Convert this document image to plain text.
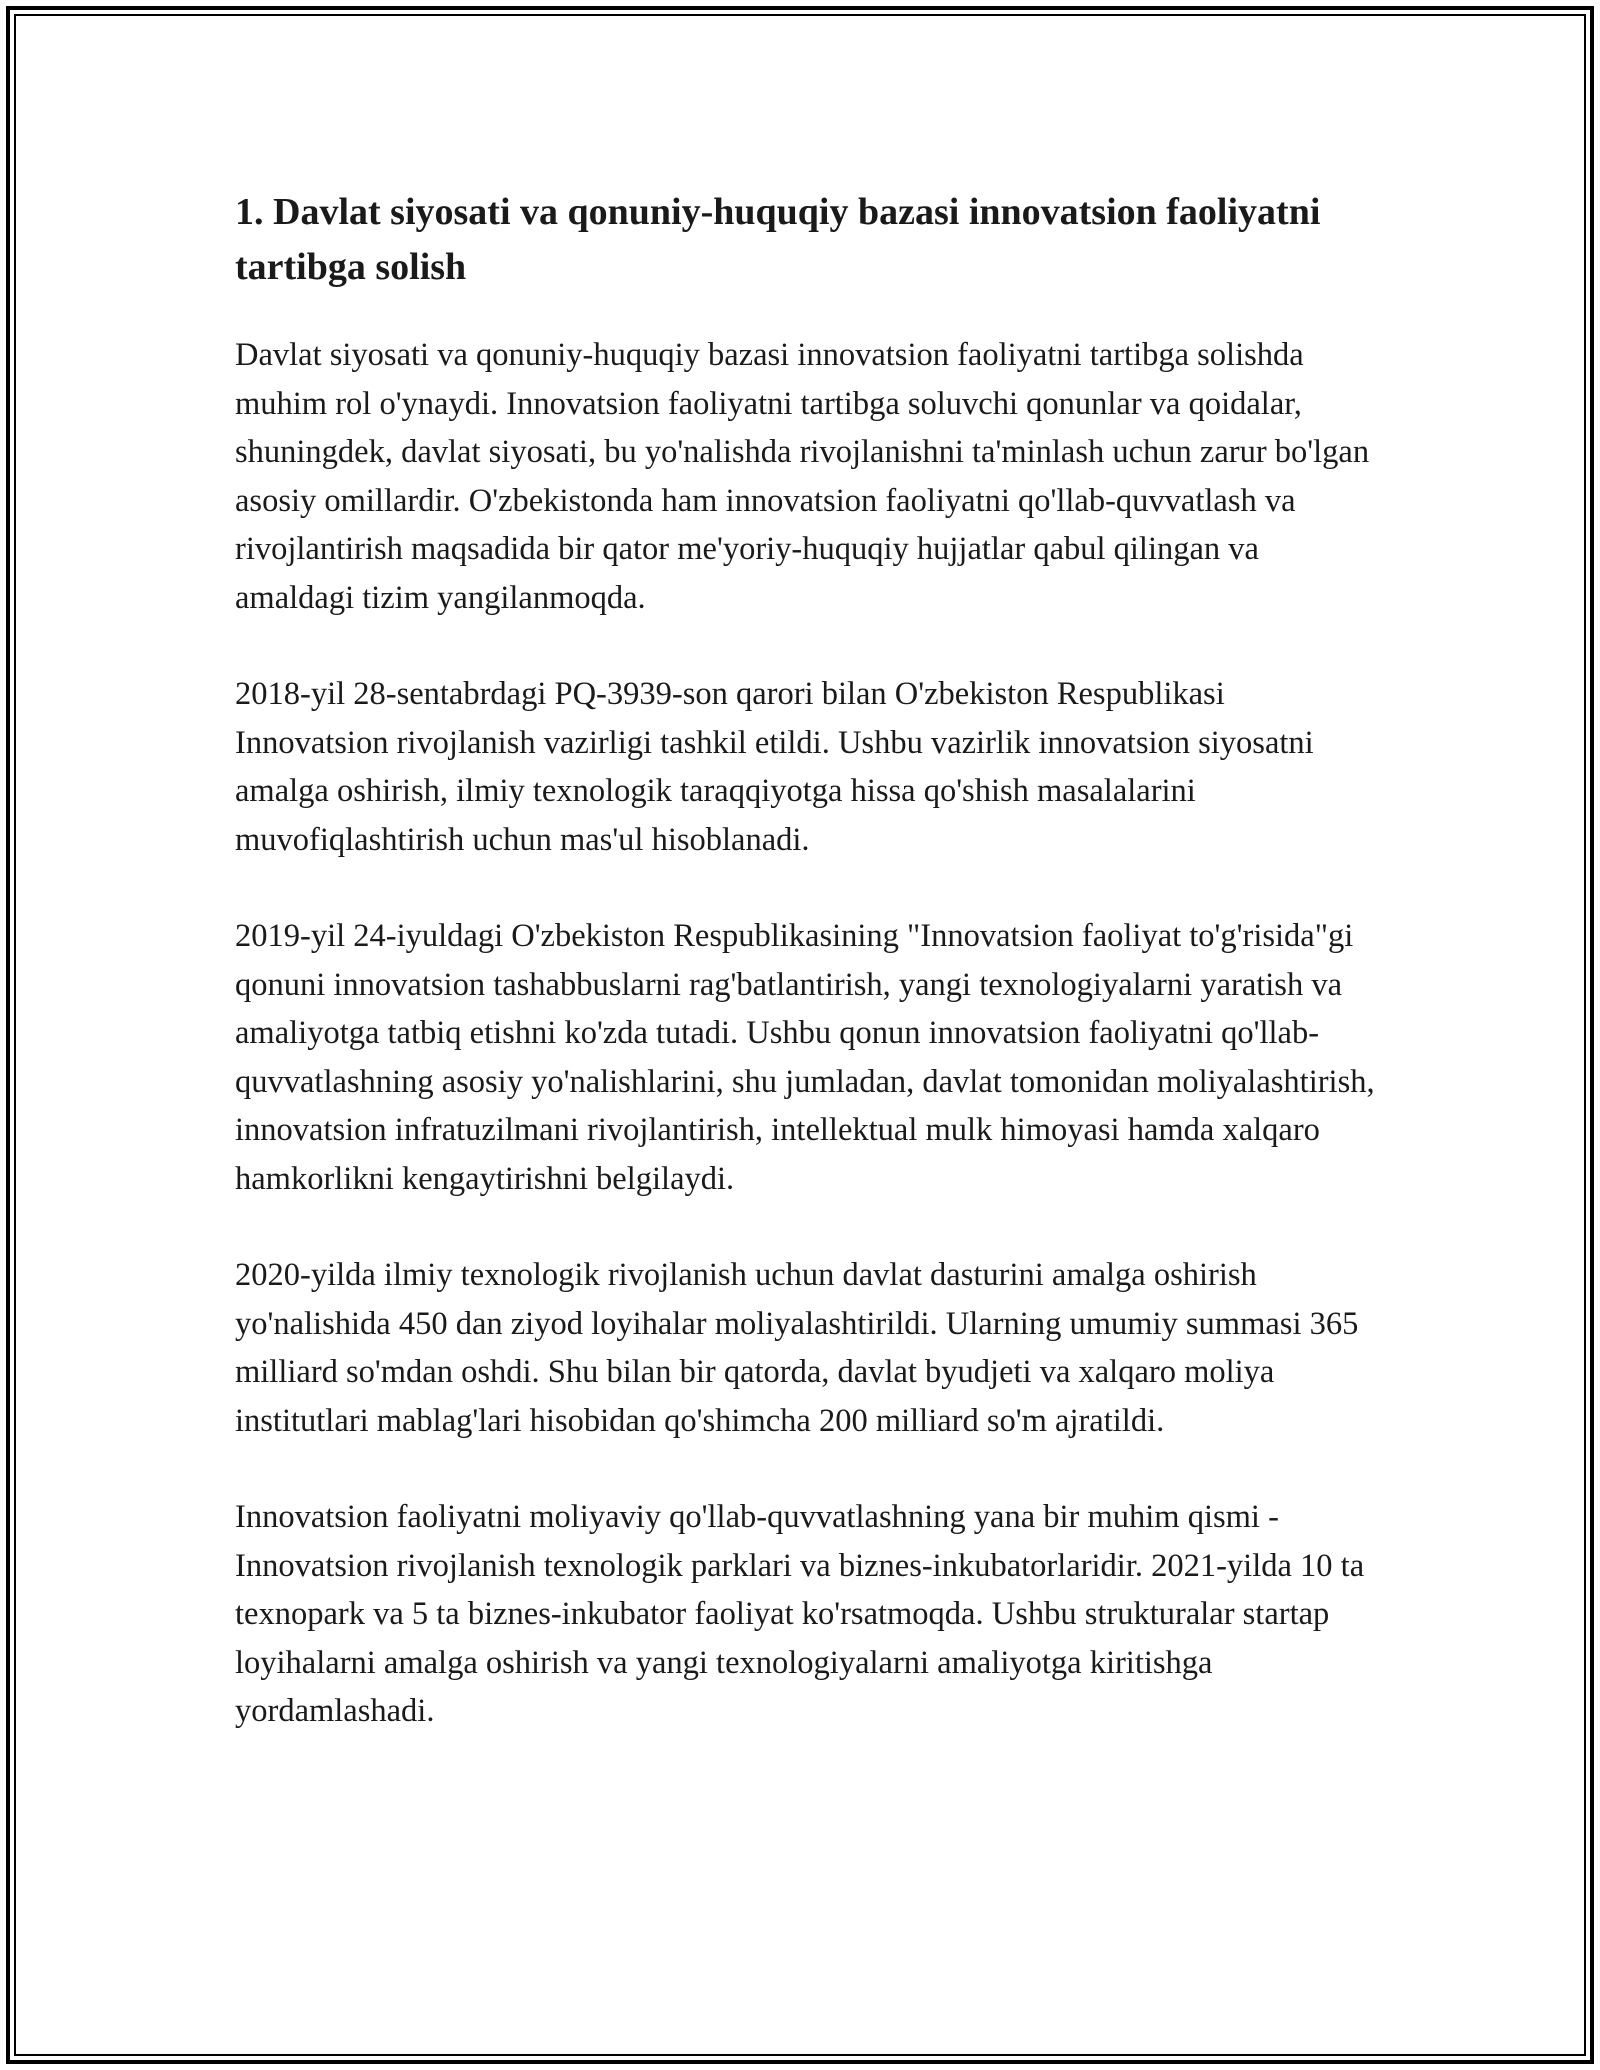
1. Davlat siyosati va qonuniy-huquqiy bazasi innovatsion faoliyatni tartibga solish

Davlat siyosati va qonuniy-huquqiy bazasi innovatsion faoliyatni tartibga solishda muhim rol o'ynaydi. Innovatsion faoliyatni tartibga soluvchi qonunlar va qoidalar, shuningdek, davlat siyosati, bu yo'nalishda rivojlanishni ta'minlash uchun zarur bo'lgan asosiy omillardir. O'zbekistonda ham innovatsion faoliyatni qo'llab-quvvatlash va rivojlantirish maqsadida bir qator me'yoriy-huquqiy hujjatlar qabul qilingan va amaldagi tizim yangilanmoqda.

2018-yil 28-sentabrdagi PQ-3939-son qarori bilan O'zbekiston Respublikasi Innovatsion rivojlanish vazirligi tashkil etildi. Ushbu vazirlik innovatsion siyosatni amalga oshirish, ilmiy texnologik taraqqiyotga hissa qo'shish masalalarini muvofiqlashtirish uchun mas'ul hisoblanadi.

2019-yil 24-iyuldagi O'zbekiston Respublikasining "Innovatsion faoliyat to'g'risida"gi qonuni innovatsion tashabbuslarni rag'batlantirish, yangi texnologiyalarni yaratish va amaliyotga tatbiq etishni ko'zda tutadi. Ushbu qonun innovatsion faoliyatni qo'llab-quvvatlashning asosiy yo'nalishlarini, shu jumladan, davlat tomonidan moliyalashtirish, innovatsion infratuzilmani rivojlantirish, intellektual mulk himoyasi hamda xalqaro hamkorlikni kengaytirishni belgilaydi.

2020-yilda ilmiy texnologik rivojlanish uchun davlat dasturini amalga oshirish yo'nalishida 450 dan ziyod loyihalar moliyalashtirildi. Ularning umumiy summasi 365 milliard so'mdan oshdi. Shu bilan bir qatorda, davlat byudjeti va xalqaro moliya institutlari mablag'lari hisobidan qo'shimcha 200 milliard so'm ajratildi.

Innovatsion faoliyatni moliyaviy qo'llab-quvvatlashning yana bir muhim qismi - Innovatsion rivojlanish texnologik parklari va biznes-inkubatorlaridir. 2021-yilda 10 ta texnopark va 5 ta biznes-inkubator faoliyat ko'rsatmoqda. Ushbu strukturalar startap loyihalarni amalga oshirish va yangi texnologiyalarni amaliyotga kiritishga yordamlashadi.
